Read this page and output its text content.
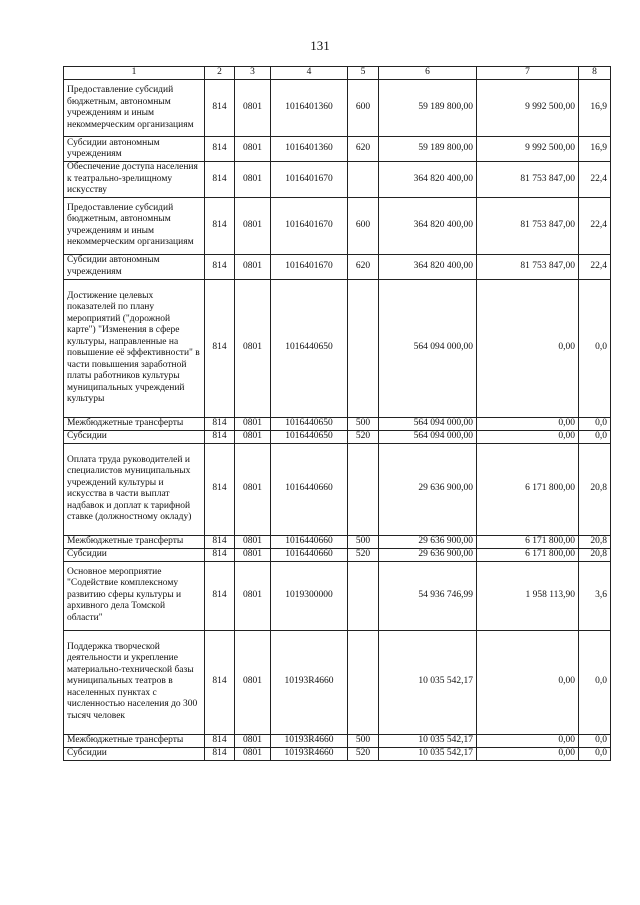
131
1	2	3	4	5	6	7	8
Предоставление субсидий бюджетным, автономным учреждениям и иным некоммерческим организациям	814	0801	1016401360	600	59 189 800,00	9 992 500,00	16,9
Субсидии автономным учреждениям	814	0801	1016401360	620	59 189 800,00	9 992 500,00	16,9
Обеспечение доступа населения к театрально-зрелищному искусству	814	0801	1016401670		364 820 400,00	81 753 847,00	22,4
Предоставление субсидий бюджетным, автономным учреждениям и иным некоммерческим организациям	814	0801	1016401670	600	364 820 400,00	81 753 847,00	22,4
Субсидии автономным учреждениям	814	0801	1016401670	620	364 820 400,00	81 753 847,00	22,4
Достижение целевых показателей по плану мероприятий ("дорожной карте") "Изменения в сфере культуры, направленные на повышение её эффективности" в части повышения заработной платы работников культуры муниципальных учреждений культуры	814	0801	1016440650		564 094 000,00	0,00	0,0
Межбюджетные трансферты	814	0801	1016440650	500	564 094 000,00	0,00	0,0
Субсидии	814	0801	1016440650	520	564 094 000,00	0,00	0,0
Оплата труда руководителей и специалистов муниципальных учреждений культуры и искусства в части выплат надбавок и доплат к тарифной ставке (должностному окладу)	814	0801	1016440660		29 636 900,00	6 171 800,00	20,8
Межбюджетные трансферты	814	0801	1016440660	500	29 636 900,00	6 171 800,00	20,8
Субсидии	814	0801	1016440660	520	29 636 900,00	6 171 800,00	20,8
Основное мероприятие "Содействие комплексному развитию сферы культуры и архивного дела Томской области"	814	0801	1019300000		54 936 746,99	1 958 113,90	3,6
Поддержка творческой деятельности и укрепление материально-технической базы муниципальных театров в населенных пунктах с численностью населения до 300 тысяч человек	814	0801	10193R4660		10 035 542,17	0,00	0,0
Межбюджетные трансферты	814	0801	10193R4660	500	10 035 542,17	0,00	0,0
Субсидии	814	0801	10193R4660	520	10 035 542,17	0,00	0,0
